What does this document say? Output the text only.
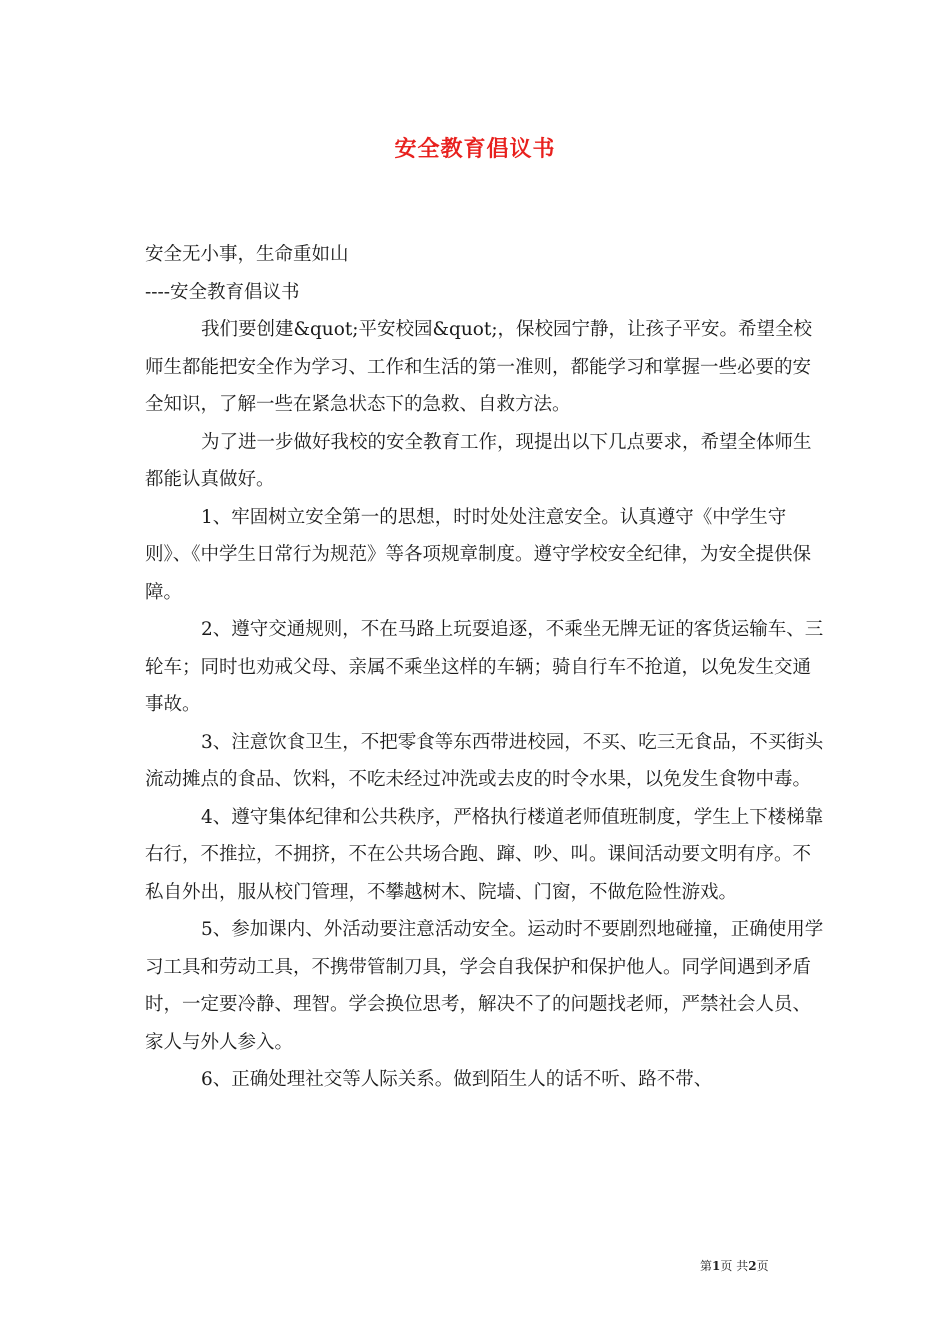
安全教育倡议书

安全无小事，生命重如山

----安全教育倡议书

我们要创建&quot;平安校园&quot;，保校园宁静，让孩子平安。希望全校师生都能把安全作为学习、工作和生活的第一准则，都能学习和掌握一些必要的安全知识，了解一些在紧急状态下的急救、自救方法。

为了进一步做好我校的安全教育工作，现提出以下几点要求，希望全体师生都能认真做好。

1、牢固树立安全第一的思想，时时处处注意安全。认真遵守《中学生守则》、《中学生日常行为规范》等各项规章制度。遵守学校安全纪律，为安全提供保障。

2、遵守交通规则，不在马路上玩耍追逐，不乘坐无牌无证的客货运输车、三轮车；同时也劝戒父母、亲属不乘坐这样的车辆；骑自行车不抢道，以免发生交通事故。

3、注意饮食卫生，不把零食等东西带进校园，不买、吃三无食品，不买街头流动摊点的食品、饮料，不吃未经过冲洗或去皮的时令水果，以免发生食物中毒。

4、遵守集体纪律和公共秩序，严格执行楼道老师值班制度，学生上下楼梯靠右行，不推拉，不拥挤，不在公共场合跑、蹿、吵、叫。课间活动要文明有序。不私自外出，服从校门管理，不攀越树木、院墙、门窗，不做危险性游戏。

5、参加课内、外活动要注意活动安全。运动时不要剧烈地碰撞，正确使用学习工具和劳动工具，不携带管制刀具，学会自我保护和保护他人。同学间遇到矛盾时，一定要冷静、理智。学会换位思考，解决不了的问题找老师，严禁社会人员、家人与外人参入。

6、正确处理社交等人际关系。做到陌生人的话不听、路不带、

第1页 共2页
